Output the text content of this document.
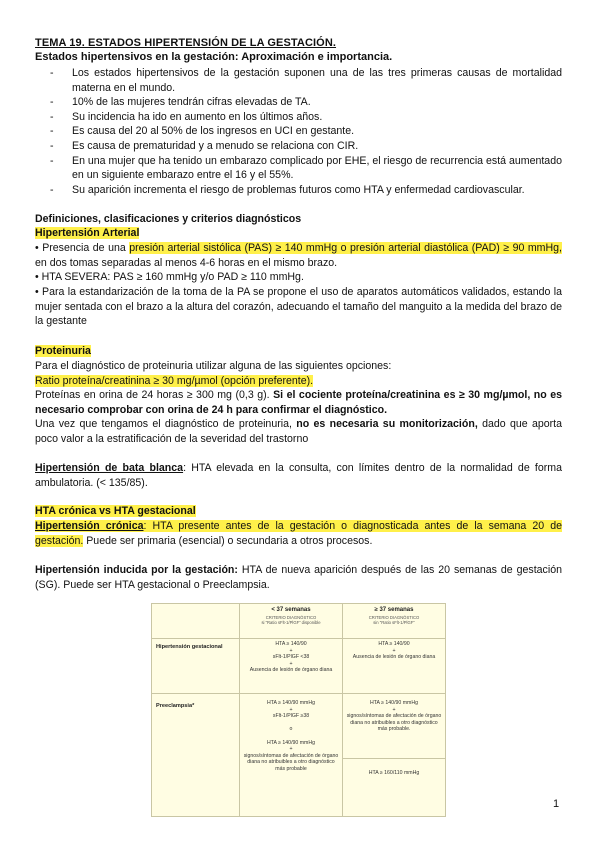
TEMA 19. ESTADOS HIPERTENSIÓN DE LA GESTACIÓN.
Estados hipertensivos en la gestación: Aproximación e importancia.
- Los estados hipertensivos de la gestación suponen una de las tres primeras causas de mortalidad materna en el mundo.
- 10% de las mujeres tendrán cifras elevadas de TA.
- Su incidencia ha ido en aumento en los últimos años.
- Es causa del 20 al 50% de los ingresos en UCI en gestante.
- Es causa de prematuridad y a menudo se relaciona con CIR.
- En una mujer que ha tenido un embarazo complicado por EHE, el riesgo de recurrencia está aumentado en un siguiente embarazo entre el 16 y el 55%.
- Su aparición incrementa el riesgo de problemas futuros como HTA y enfermedad cardiovascular.
Definiciones, clasificaciones y criterios diagnósticos
Hipertensión Arterial

• Presencia de una presión arterial sistólica (PAS) ≥ 140 mmHg o presión arterial diastólica (PAD) ≥ 90 mmHg, en dos tomas separadas al menos 4-6 horas en el mismo brazo.

• HTA SEVERA: PAS ≥ 160 mmHg y/o PAD ≥ 110 mmHg.

• Para la estandarización de la toma de la PA se propone el uso de aparatos automáticos validados, estando la mujer sentada con el brazo a la altura del corazón, adecuando el tamaño del manguito a la medida del brazo de la gestante

Proteinuria

Para el diagnóstico de proteinuria utilizar alguna de las siguientes opciones:

Ratio proteína/creatinina ≥ 30 mg/µmol (opción preferente).

Proteínas en orina de 24 horas ≥ 300 mg (0,3 g). Si el cociente proteína/creatinina es ≥ 30 mg/µmol, no es necesario comprobar con orina de 24 h para confirmar el diagnóstico.

Una vez que tengamos el diagnóstico de proteinuria, no es necesaria su monitorización, dado que aporta poco valor a la estratificación de la severidad del trastorno

Hipertensión de bata blanca: HTA elevada en la consulta, con límites dentro de la normalidad de forma ambulatoria. (< 135/85).

HTA crónica vs HTA gestacional

Hipertensión crónica: HTA presente antes de la gestación o diagnosticada antes de la semana 20 de gestación. Puede ser primaria (esencial) o secundaria a otros procesos.

Hipertensión inducida por la gestación: HTA de nueva aparición después de las 20 semanas de gestación (SG). Puede ser HTA gestacional o Preeclampsia.

< 37 semanas
CRITERIO DIAGNÓSTICO
si “Ratio sFlt-1/PlGF” disponible
≥ 37 semanas
CRITERIO DIAGNÓSTICO
sin “Ratio sFlt-1/PlGF”
Hipertensión gestacional	HTA ≥ 140/90
+
sFlt-1/PlGF <38
+
Ausencia de lesión de órgano diana
HTA ≥ 140/90
+
Ausencia de lesión de órgano diana
Preeclampsia*	HTA ≥ 140/90 mmHg
+
sFlt-1/PlGF ≥38

o

HTA ≥ 140/90 mmHg
+
signos/síntomas de afectación de órgano diana no atribuibles a otro diagnóstico más probable
HTA ≥ 140/90 mmHg
+
signos/síntomas de afectación de órgano diana no atribuibles a otro diagnóstico más probable.
HTA ≥ 160/110 mmHg
1
